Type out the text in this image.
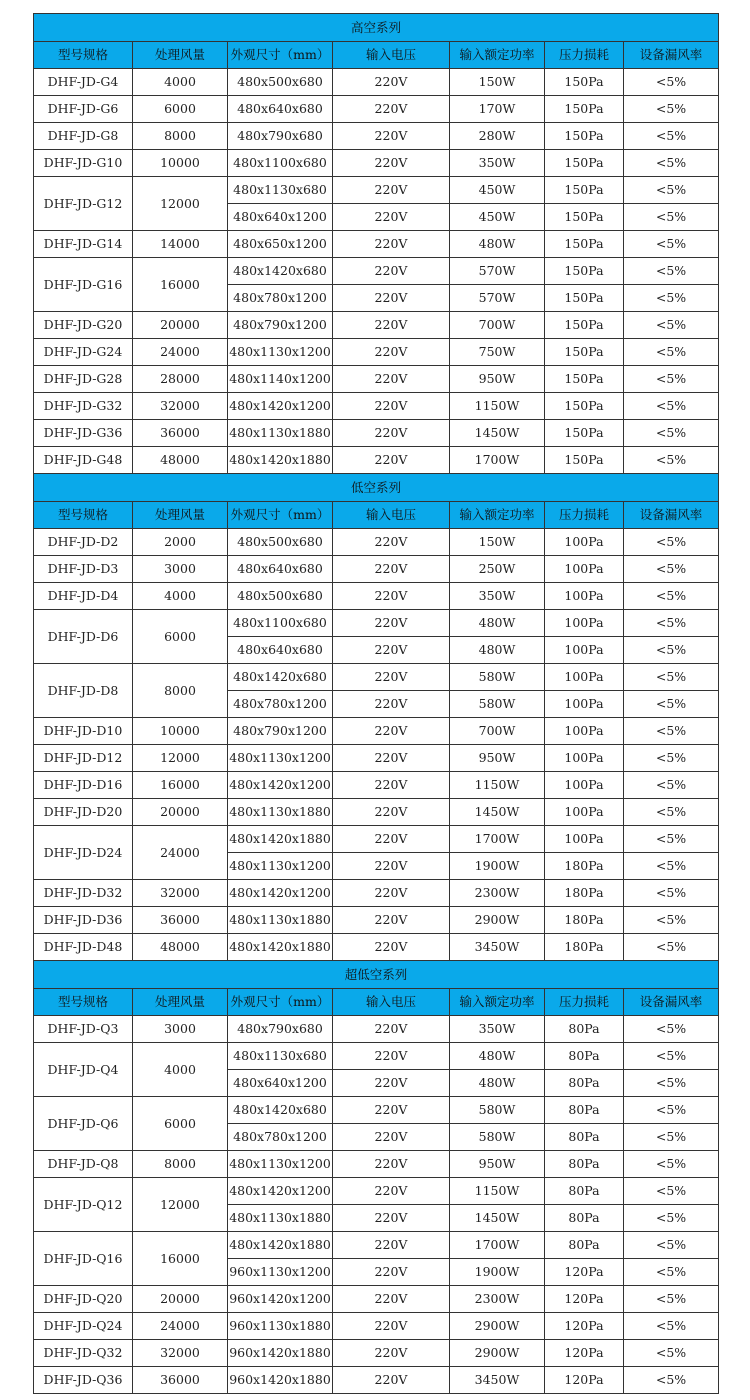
高空系列						
型号规格	处理风量	外观尺寸（mm）	输入电压	输入额定功率	压力损耗	设备漏风率
DHF-JD-G4	4000	480x500x680	220V	150W	150Pa	<5%
DHF-JD-G6	6000	480x640x680	220V	170W	150Pa	<5%
DHF-JD-G8	8000	480x790x680	220V	280W	150Pa	<5%
DHF-JD-G10	10000	480x1100x680	220V	350W	150Pa	<5%
DHF-JD-G12	12000	480x1130x680	220V	450W	150Pa	<5%
		480x640x1200	220V	450W	150Pa	<5%
DHF-JD-G14	14000	480x650x1200	220V	480W	150Pa	<5%
DHF-JD-G16	16000	480x1420x680	220V	570W	150Pa	<5%
		480x780x1200	220V	570W	150Pa	<5%
DHF-JD-G20	20000	480x790x1200	220V	700W	150Pa	<5%
DHF-JD-G24	24000	480x1130x1200	220V	750W	150Pa	<5%
DHF-JD-G28	28000	480x1140x1200	220V	950W	150Pa	<5%
DHF-JD-G32	32000	480x1420x1200	220V	1150W	150Pa	<5%
DHF-JD-G36	36000	480x1130x1880	220V	1450W	150Pa	<5%
DHF-JD-G48	48000	480x1420x1880	220V	1700W	150Pa	<5%
低空系列						
型号规格	处理风量	外观尺寸（mm）	输入电压	输入额定功率	压力损耗	设备漏风率
DHF-JD-D2	2000	480x500x680	220V	150W	100Pa	<5%
DHF-JD-D3	3000	480x640x680	220V	250W	100Pa	<5%
DHF-JD-D4	4000	480x500x680	220V	350W	100Pa	<5%
DHF-JD-D6	6000	480x1100x680	220V	480W	100Pa	<5%
		480x640x680	220V	480W	100Pa	<5%
DHF-JD-D8	8000	480x1420x680	220V	580W	100Pa	<5%
		480x780x1200	220V	580W	100Pa	<5%
DHF-JD-D10	10000	480x790x1200	220V	700W	100Pa	<5%
DHF-JD-D12	12000	480x1130x1200	220V	950W	100Pa	<5%
DHF-JD-D16	16000	480x1420x1200	220V	1150W	100Pa	<5%
DHF-JD-D20	20000	480x1130x1880	220V	1450W	100Pa	<5%
DHF-JD-D24	24000	480x1420x1880	220V	1700W	100Pa	<5%
		480x1130x1200	220V	1900W	180Pa	<5%
DHF-JD-D32	32000	480x1420x1200	220V	2300W	180Pa	<5%
DHF-JD-D36	36000	480x1130x1880	220V	2900W	180Pa	<5%
DHF-JD-D48	48000	480x1420x1880	220V	3450W	180Pa	<5%
超低空系列						
型号规格	处理风量	外观尺寸（mm）	输入电压	输入额定功率	压力损耗	设备漏风率
DHF-JD-Q3	3000	480x790x680	220V	350W	80Pa	<5%
DHF-JD-Q4	4000	480x1130x680	220V	480W	80Pa	<5%
		480x640x1200	220V	480W	80Pa	<5%
DHF-JD-Q6	6000	480x1420x680	220V	580W	80Pa	<5%
		480x780x1200	220V	580W	80Pa	<5%
DHF-JD-Q8	8000	480x1130x1200	220V	950W	80Pa	<5%
DHF-JD-Q12	12000	480x1420x1200	220V	1150W	80Pa	<5%
		480x1130x1880	220V	1450W	80Pa	<5%
DHF-JD-Q16	16000	480x1420x1880	220V	1700W	80Pa	<5%
		960x1130x1200	220V	1900W	120Pa	<5%
DHF-JD-Q20	20000	960x1420x1200	220V	2300W	120Pa	<5%
DHF-JD-Q24	24000	960x1130x1880	220V	2900W	120Pa	<5%
DHF-JD-Q32	32000	960x1420x1880	220V	2900W	120Pa	<5%
DHF-JD-Q36	36000	960x1420x1880	220V	3450W	120Pa	<5%
